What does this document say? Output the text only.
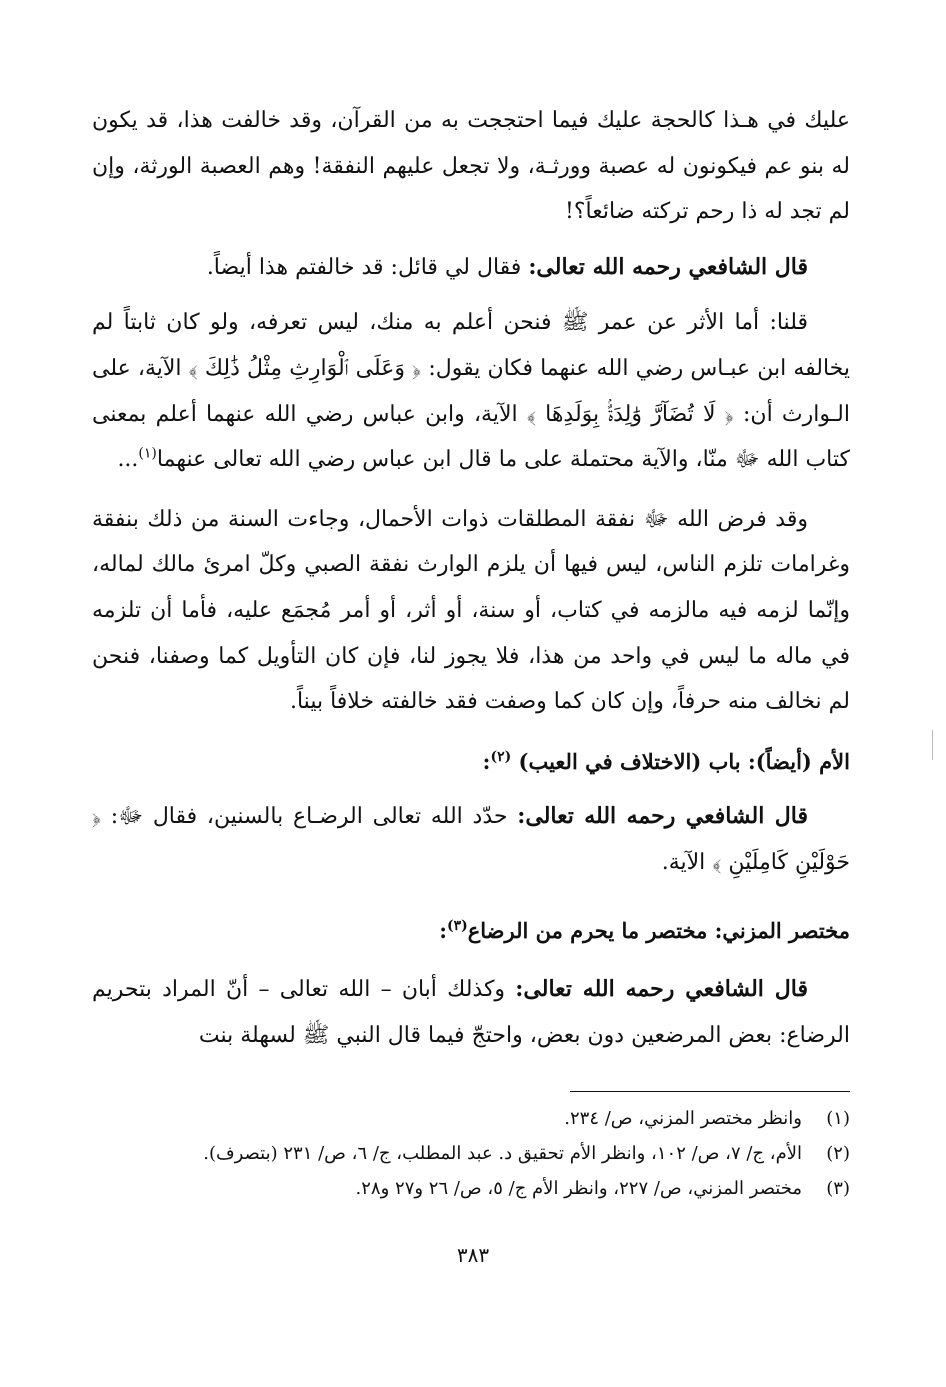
عليك في هـذا كالحجة عليك فيما احتججت به من القرآن، وقد خالفت هذا، قد يكون له بنو عم فيكونون له عصبة وورثـة، ولا تجعل عليهم النفقة! وهم العصبة الورثة، وإن لم تجد له ذا رحم تركته ضائعاً؟!

قال الشافعي رحمه الله تعالى: فقال لي قائل: قد خالفتم هذا أيضاً.

قلنا: أما الأثر عن عمر ﷺ فنحن أعلم به منك، ليس تعرفه، ولو كان ثابتاً لم يخالفه ابن عبـاس رضي الله عنهما فكان يقول: ﴿ وَعَلَى ٱلْوَارِثِ مِثْلُ ذَٰلِكَ ﴾ الآية، على الـوارث أن: ﴿ لَا تُضَآرَّ وَٰلِدَةٌۢ بِوَلَدِهَا ﴾ الآية، وابن عباس رضي الله عنهما أعلم بمعنى كتاب الله ﷻ منّا، والآية محتملة على ما قال ابن عباس رضي الله تعالى عنهما$^{(١)}$...

وقد فرض الله ﷻ نفقة المطلقات ذوات الأحمال، وجاءت السنة من ذلك بنفقة وغرامات تلزم الناس، ليس فيها أن يلزم الوارث نفقة الصبي وكلّ امرئ مالك لماله، وإنّما لزمه فيه مالزمه في كتاب، أو سنة، أو أثر، أو أمر مُجمَع عليه، فأما أن تلزمه في ماله ما ليس في واحد من هذا، فلا يجوز لنا، فإن كان التأويل كما وصفنا، فنحن لم نخالف منه حرفاً، وإن كان كما وصفت فقد خالفته خلافاً بيناً.

الأم (أيضاً): باب (الاختلاف في العيب) $^{(٢)}$:

قال الشافعي رحمه الله تعالى: حدّد الله تعالى الرضـاع بالسنين، فقال ﷻ: ﴿ حَوْلَيْنِ كَامِلَيْنِ ﴾ الآية.

مختصر المزني: مختصر ما يحرم من الرضاع$^{(٣)}$:

قال الشافعي رحمه الله تعالى: وكذلك أبان – الله تعالى – أنّ المراد بتحريم الرضاع: بعض المرضعين دون بعض، واحتجّ فيما قال النبي ﷺ لسهلة بنت

(١)
وانظر مختصر المزني، ص/ ٢٣٤.
(٢)
الأم، ج/ ٧، ص/ ١٠٢، وانظر الأم تحقيق د. عبد المطلب، ج/ ٦، ص/ ٢٣١ (بتصرف).
(٣)
مختصر المزني، ص/ ٢٢٧، وانظر الأم ج/ ٥، ص/ ٢٦ و٢٧ و٢٨.
٣٨٣
